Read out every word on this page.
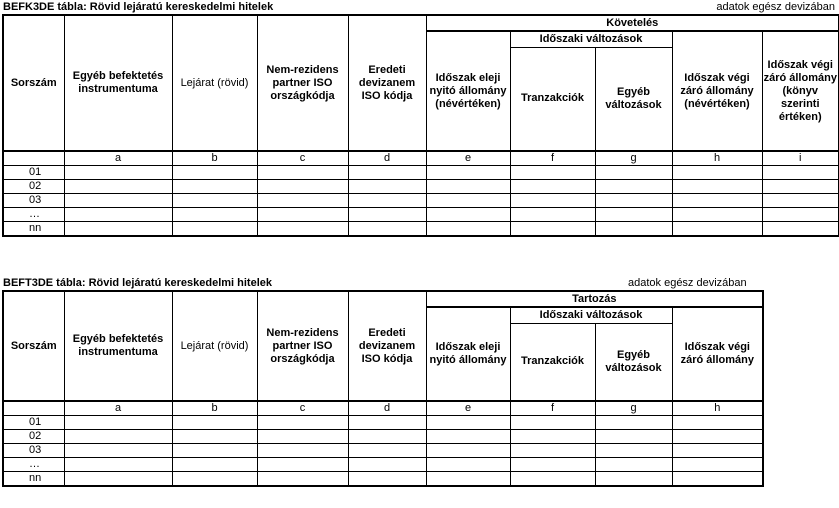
BEFK3DE tábla: Rövid lejáratú kereskedelmi hitelek	adatok egész devizában
Sorszám	Egyéb befektetés instrumentuma	Lejárat (rövid)	Nem-rezidens partner ISO országkódja	Eredeti devizanem ISO kódja	Követelés				
					Időszak eleji nyitó állomány (névértéken)	Időszaki változások		Időszak végi záró állomány (névértéken)	Időszak végi záró állomány (könyv szerinti értéken)
						Tranzakciók	Egyéb változások		
	a	b	c	d	e	f	g	h	i
01									
02									
03									
…									
nn									
BEFT3DE tábla: Rövid lejáratú kereskedelmi hitelek	adatok egész devizában
Sorszám	Egyéb befektetés instrumentuma	Lejárat (rövid)	Nem-rezidens partner ISO országkódja	Eredeti devizanem ISO kódja	Tartozás			
					Időszak eleji nyitó állomány	Időszaki változások		Időszak végi záró állomány
						Tranzakciók	Egyéb változások	
	a	b	c	d	e	f	g	h
01								
02								
03								
…								
nn								
